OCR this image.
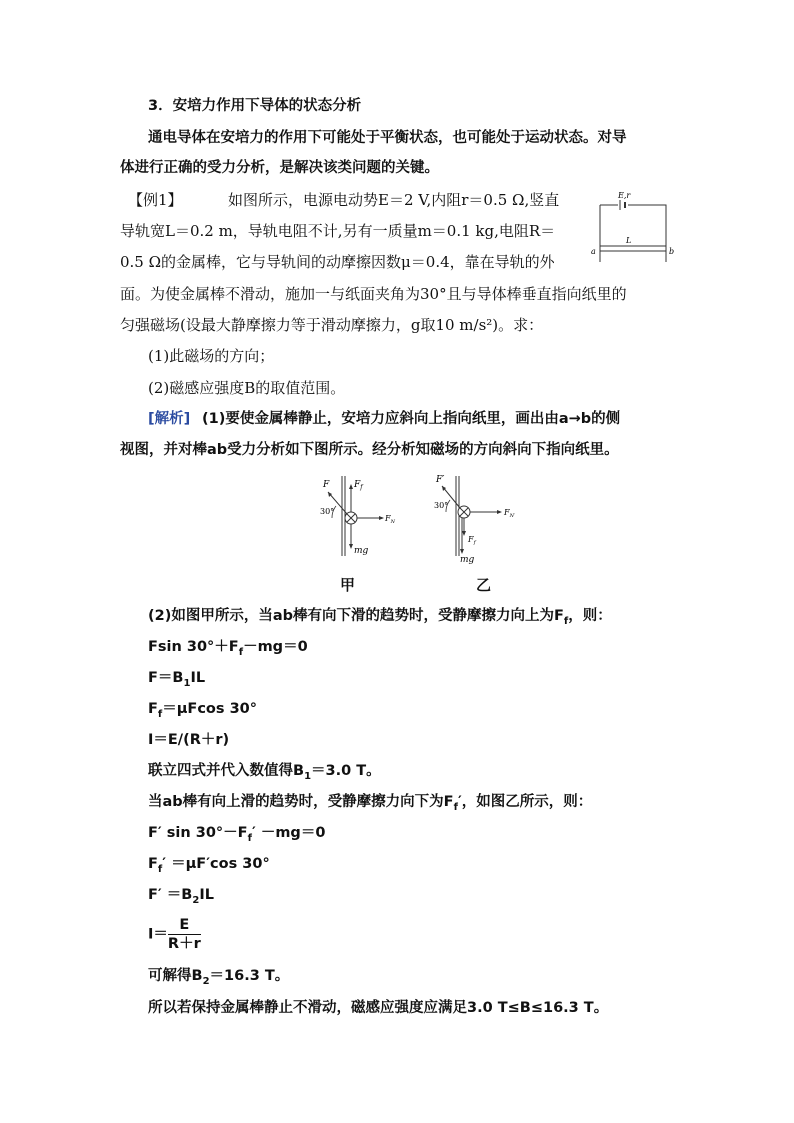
3．安培力作用下导体的状态分析
通电导体在安培力的作用下可能处于平衡状态，也可能处于运动状态。对导
体进行正确的受力分析，是解决该类问题的关键。
【例1】	如图所示，电源电动势E＝2 V,内阻r＝0.5 Ω,竖直
导轨宽L＝0.2 m，导轨电阻不计,另有一质量m＝0.1 kg,电阻R＝
0.5 Ω的金属棒，它与导轨间的动摩擦因数μ＝0.4，靠在导轨的外
面。为使金属棒不滑动，施加一与纸面夹角为30°且与导体棒垂直指向纸里的
匀强磁场(设最大静摩擦力等于滑动摩擦力，g取10 m/s²)。求：
(1)此磁场的方向；
(2)磁感应强度B的取值范围。
E,r
L
a	b
[解析] (1)要使金属棒静止，安培力应斜向上指向纸里，画出由a→b的侧
视图，并对棒ab受力分析如下图所示。经分析知磁场的方向斜向下指向纸里。
F	$F_f$
$F_N$
mg
30°
甲
F′
$F_{f'}$
$F_{N'}$
mg
30°
乙
(2)如图甲所示，当ab棒有向下滑的趋势时，受静摩擦力向上为$F_f$，则：
Fsin $30^\circ+F_f-mg=0$
$F=B_1IL$
$F_f=\mu Fcos$ 30°
I＝E/(R＋r)
联立四式并代入数值得$B_1=3.0$ T。
当ab棒有向上滑的趋势时，受静摩擦力向下为$F_f'$，如图乙所示，则：
F′ $\sin 30^\circ-F_f' -mg=0$
$F_f' =\mu F'\cos$ 30°
$F' =B_2IL$
$I= \frac{E}{R+r}$
可解得$B_2=16.3$ T。
所以若保持金属棒静止不滑动，磁感应强度应满足3.0 T≤B≤16.3 T。
